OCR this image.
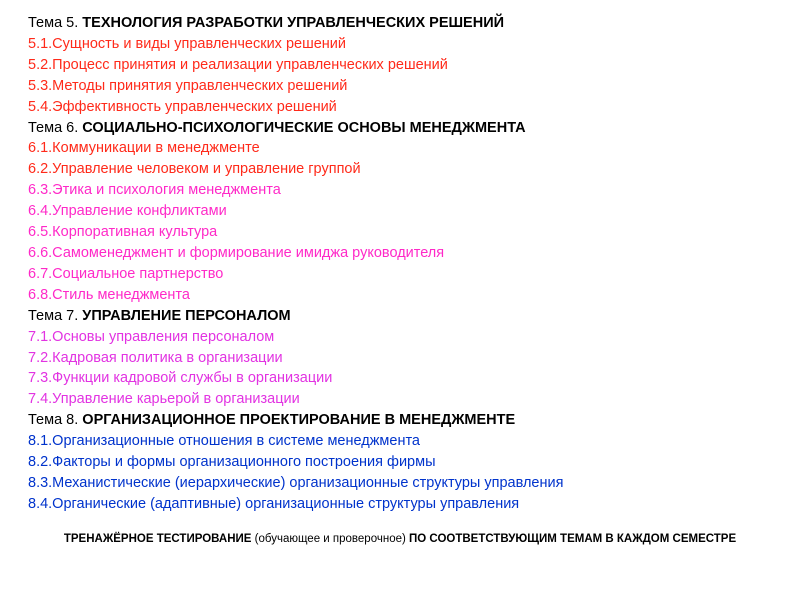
Тема 5. ТЕХНОЛОГИЯ РАЗРАБОТКИ УПРАВЛЕНЧЕСКИХ РЕШЕНИЙ
5.1.Сущность и виды управленческих решений
5.2.Процесс принятия и реализации управленческих решений
5.3.Методы принятия управленческих решений
5.4.Эффективность управленческих решений
Тема 6. СОЦИАЛЬНО-ПСИХОЛОГИЧЕСКИЕ ОСНОВЫ МЕНЕДЖМЕНТА
6.1.Коммуникации в менеджменте
6.2.Управление человеком и управление группой
6.3.Этика и психология менеджмента
6.4.Управление конфликтами
6.5.Корпоративная культура
6.6.Самоменеджмент и формирование имиджа руководителя
6.7.Социальное партнерство
6.8.Стиль менеджмента
Тема 7. УПРАВЛЕНИЕ ПЕРСОНАЛОМ
7.1.Основы управления персоналом
7.2.Кадровая политика в организации
7.3.Функции кадровой службы в организации
7.4.Управление карьерой в организации
Тема 8. ОРГАНИЗАЦИОННОЕ ПРОЕКТИРОВАНИЕ В МЕНЕДЖМЕНТЕ
8.1.Организационные отношения в системе менеджмента
8.2.Факторы и формы организационного построения фирмы
8.3.Механистические (иерархические) организационные структуры управления
8.4.Органические (адаптивные) организационные структуры управления
ТРЕНАЖЁРНОЕ ТЕСТИРОВАНИЕ (обучающее и проверочное) ПО СООТВЕТСТВУЮЩИМ ТЕМАМ В КАЖДОМ СЕМЕСТРЕ
